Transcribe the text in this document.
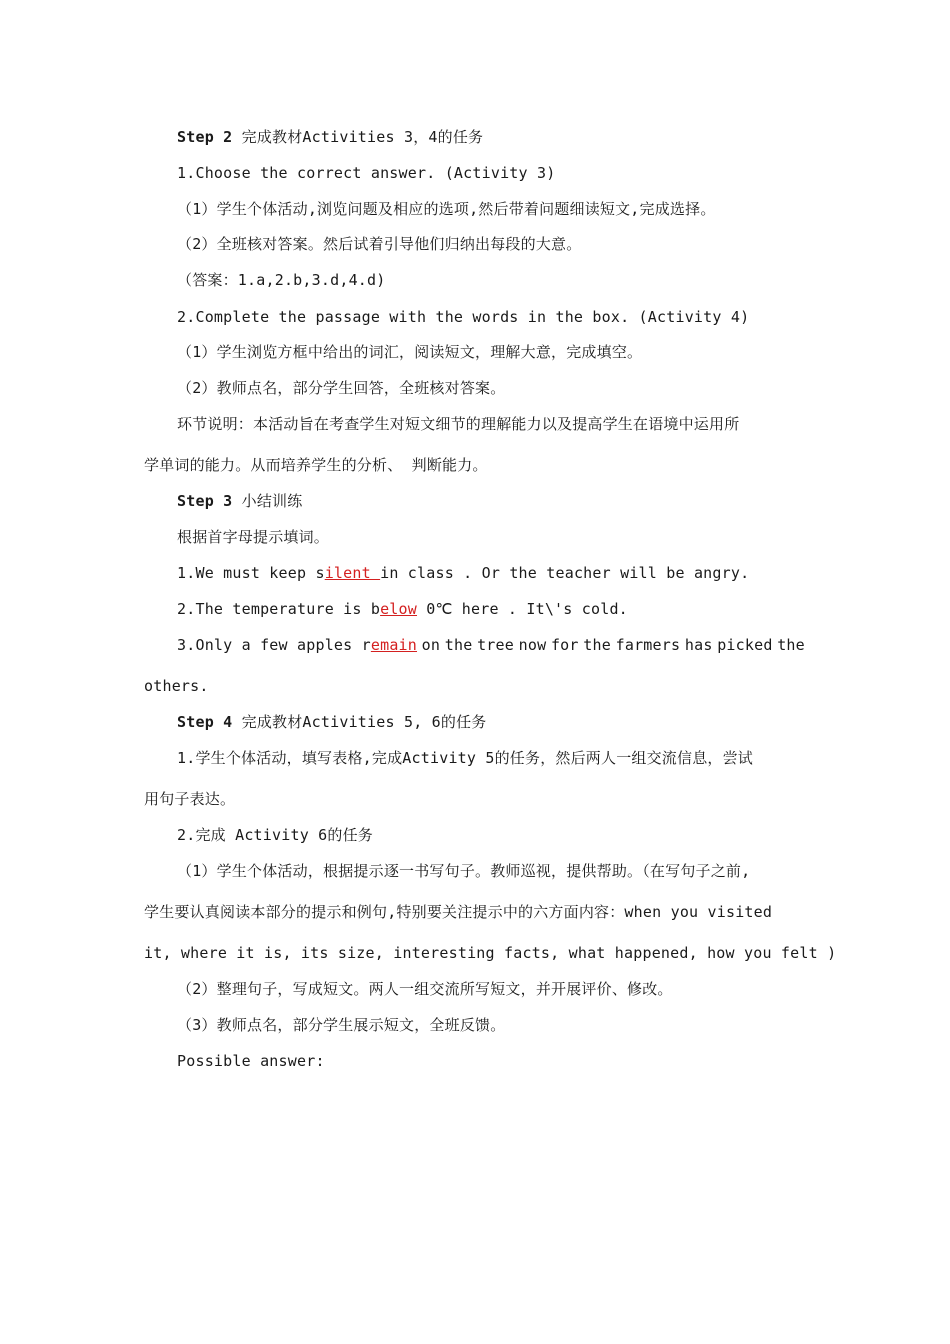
Step 2 完成教材Activities 3，4的任务
1.Choose the correct answer. (Activity 3)
（1）学生个体活动,浏览问题及相应的选项,然后带着问题细读短文,完成选择。
（2）全班核对答案。然后试着引导他们归纳出每段的大意。
（答案：1.a,2.b,3.d,4.d)
2.Complete the passage with the words in the box. (Activity 4)
（1）学生浏览方框中给出的词汇，阅读短文，理解大意，完成填空。
（2）教师点名，部分学生回答，全班核对答案。
环节说明：本活动旨在考查学生对短文细节的理解能力以及提高学生在语境中运用所
学单词的能力。从而培养学生的分析、 判断能力。
Step 3 小结训练
根据首字母提示填词。
1.We must keep silent in class . Or the teacher will be angry.
2.The temperature is below 0℃ here . It\'s cold.
3.Only a few apples remain on the tree now for the farmers has picked the
others.
Step 4 完成教材Activities 5, 6的任务
1.学生个体活动，填写表格,完成Activity 5的任务，然后两人一组交流信息，尝试
用句子表达。
2.完成 Activity 6的任务
（1）学生个体活动，根据提示逐一书写句子。教师巡视，提供帮助。（在写句子之前,
学生要认真阅读本部分的提示和例句,特别要关注提示中的六方面内容：when you visited
it, where it is, its size, interesting facts, what happened, how you felt )
（2）整理句子，写成短文。两人一组交流所写短文，并开展评价、修改。
（3）教师点名，部分学生展示短文，全班反馈。
Possible answer:
